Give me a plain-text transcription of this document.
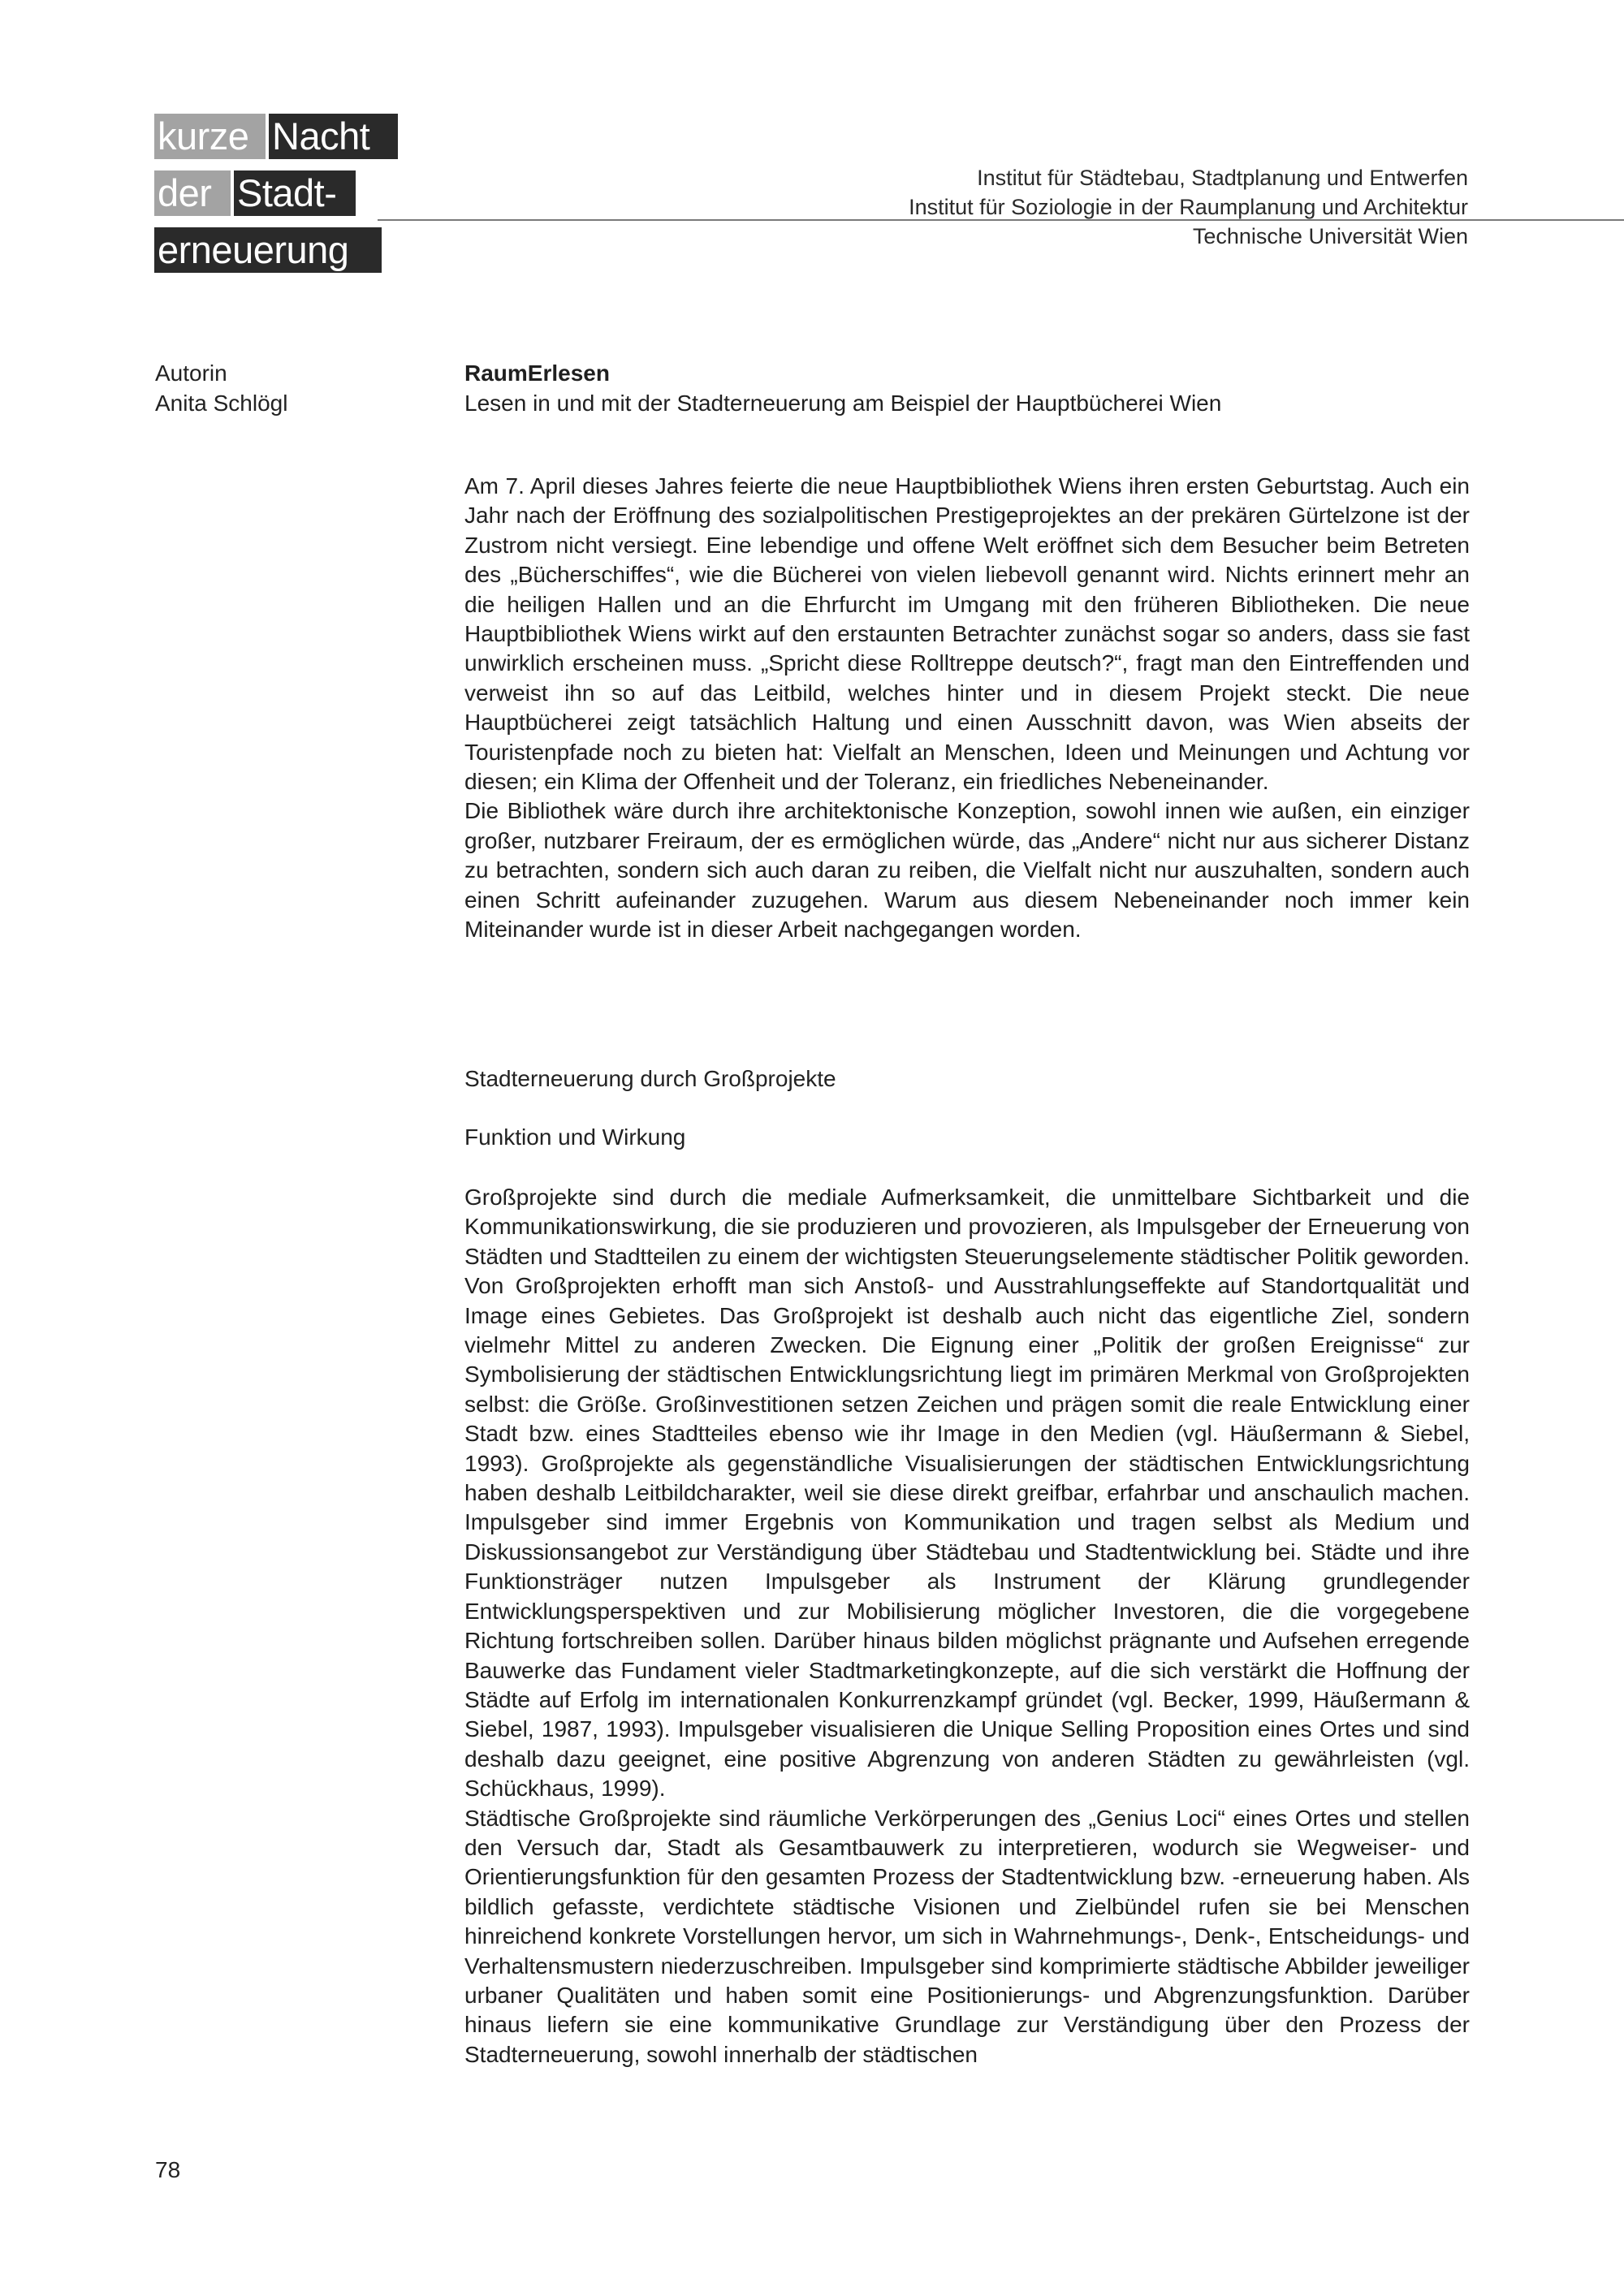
kurze Nacht
der Stadt-
erneuerung
Institut für Städtebau, Stadtplanung und Entwerfen
Institut für Soziologie in der Raumplanung und Architektur
Technische Universität Wien
Autorin
Anita Schlögl
RaumErlesen
Lesen in und mit der Stadterneuerung am Beispiel der Hauptbücherei Wien

Am 7. April dieses Jahres feierte die neue Hauptbibliothek Wiens ihren ersten Geburtstag. Auch ein Jahr nach der Eröffnung des sozialpolitischen Prestigeprojektes an der prekären Gürtelzone ist der Zustrom nicht versiegt. Eine lebendige und offene Welt eröffnet sich dem Besucher beim Betreten des „Bücherschiffes“, wie die Bücherei von vielen liebevoll genannt wird. Nichts erinnert mehr an die heiligen Hallen und an die Ehrfurcht im Umgang mit den früheren Bibliotheken. Die neue Hauptbibliothek Wiens wirkt auf den erstaunten Betrachter zunächst sogar so anders, dass sie fast unwirklich erscheinen muss. „Spricht diese Rolltreppe deutsch?“, fragt man den Eintreffenden und verweist ihn so auf das Leitbild, welches hinter und in diesem Projekt steckt. Die neue Hauptbücherei zeigt tatsächlich Haltung und einen Ausschnitt davon, was Wien abseits der Touristenpfade noch zu bieten hat: Vielfalt an Menschen, Ideen und Meinungen und Achtung vor diesen; ein Klima der Offenheit und der Toleranz, ein friedliches Nebeneinander.

Die Bibliothek wäre durch ihre architektonische Konzeption, sowohl innen wie außen, ein einziger großer, nutzbarer Freiraum, der es ermöglichen würde, das „Andere“ nicht nur aus sicherer Distanz zu betrachten, sondern sich auch daran zu reiben, die Vielfalt nicht nur auszuhalten, sondern auch einen Schritt aufeinander zuzugehen. Warum aus diesem Nebeneinander noch immer kein Miteinander wurde ist in dieser Arbeit nachgegangen worden.

Stadterneuerung durch Großprojekte
Funktion und Wirkung

Großprojekte sind durch die mediale Aufmerksamkeit, die unmittelbare Sichtbarkeit und die Kommunikationswirkung, die sie produzieren und provozieren, als Impulsgeber der Erneuerung von Städten und Stadtteilen zu einem der wichtigsten Steuerungselemente städtischer Politik geworden. Von Großprojekten erhofft man sich Anstoß- und Ausstrahlungseffekte auf Standortqualität und Image eines Gebietes. Das Großprojekt ist deshalb auch nicht das eigentliche Ziel, sondern vielmehr Mittel zu anderen Zwecken. Die Eignung einer „Politik der großen Ereignisse“ zur Symbolisierung der städtischen Entwicklungsrichtung liegt im primären Merkmal von Großprojekten selbst: die Größe. Großinvestitionen setzen Zeichen und prägen somit die reale Entwicklung einer Stadt bzw. eines Stadtteiles ebenso wie ihr Image in den Medien (vgl. Häußermann & Siebel, 1993). Großprojekte als gegenständliche Visualisierungen der städtischen Entwicklungsrichtung haben deshalb Leitbildcharakter, weil sie diese direkt greifbar, erfahrbar und anschaulich machen. Impulsgeber sind immer Ergebnis von Kommunikation und tragen selbst als Medium und Diskussionsangebot zur Verständigung über Städtebau und Stadtentwicklung bei. Städte und ihre Funktionsträger nutzen Impulsgeber als Instrument der Klärung grundlegender Entwicklungsperspektiven und zur Mobilisierung möglicher Investoren, die die vorgegebene Richtung fortschreiben sollen. Darüber hinaus bilden möglichst prägnante und Aufsehen erregende Bauwerke das Fundament vieler Stadtmarketingkonzepte, auf die sich verstärkt die Hoffnung der Städte auf Erfolg im internationalen Konkurrenzkampf gründet (vgl. Becker, 1999, Häußermann & Siebel, 1987, 1993). Impulsgeber visualisieren die Unique Selling Proposition eines Ortes und sind deshalb dazu geeignet, eine positive Abgrenzung von anderen Städten zu gewährleisten (vgl. Schückhaus, 1999).

Städtische Großprojekte sind räumliche Verkörperungen des „Genius Loci“ eines Ortes und stellen den Versuch dar, Stadt als Gesamtbauwerk zu interpretieren, wodurch sie Wegweiser- und Orientierungsfunktion für den gesamten Prozess der Stadtentwicklung bzw. -erneuerung haben. Als bildlich gefasste, verdichtete städtische Visionen und Zielbündel rufen sie bei Menschen hinreichend konkrete Vorstellungen hervor, um sich in Wahrnehmungs-, Denk-, Entscheidungs- und Verhaltensmustern niederzuschreiben. Impulsgeber sind komprimierte städtische Abbilder jeweiliger urbaner Qualitäten und haben somit eine Positionierungs- und Abgrenzungsfunktion. Darüber hinaus liefern sie eine kommunikative Grundlage zur Verständigung über den Prozess der Stadterneuerung, sowohl innerhalb der städtischen

78
